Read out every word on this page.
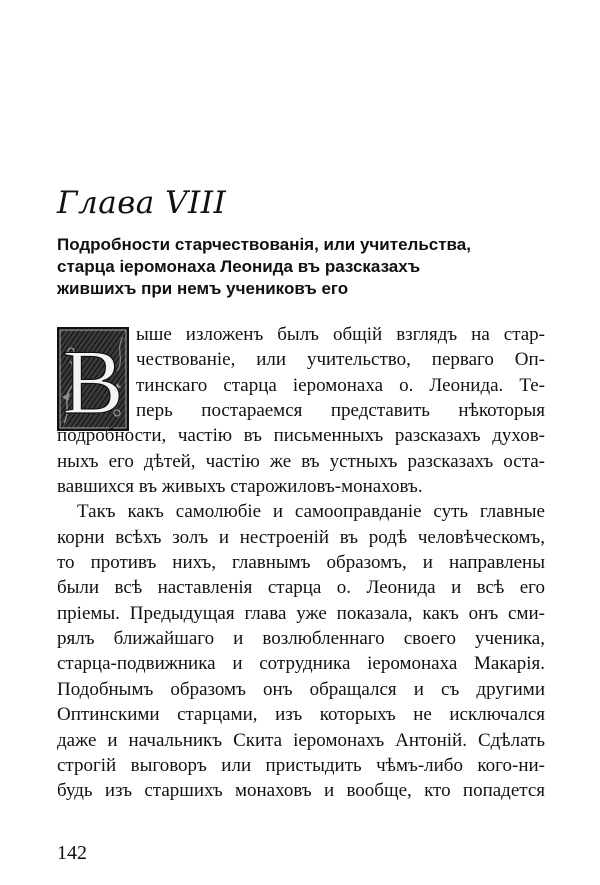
Глава VIII
Подробности старчествованія, или учительства,
старца іеромонаха Леонида въ разсказахъ
жившихъ при немъ учениковъ его
В ыше изложенъ былъ общій взглядъ на стар-
чествованіе, или учительство, перваго Оп-
тинскаго старца іеромонаха о. Леонида. Те-
перь постараемся представить нѣкоторыя
подробности, частію въ письменныхъ разсказахъ духов-
ныхъ его дѣтей, частію же въ устныхъ разсказахъ оста-
вавшихся въ живыхъ старожиловъ-монаховъ.
Такъ какъ самолюбіе и самооправданіе суть главные
корни всѣхъ золъ и нестроеній въ родѣ человѣческомъ,
то противъ нихъ, главнымъ образомъ, и направлены
были всѣ наставленія старца о. Леонида и всѣ его
пріемы. Предыдущая глава уже показала, какъ онъ сми-
рялъ ближайшаго и возлюбленнаго своего ученика,
старца-подвижника и сотрудника іеромонаха Макарія.
Подобнымъ образомъ онъ обращался и съ другими
Оптинскими старцами, изъ которыхъ не исключался
даже и начальникъ Скита іеромонахъ Антоній. Сдѣлать
строгій выговоръ или пристыдить чѣмъ-либо кого-ни-
будь изъ старшихъ монаховъ и вообще, кто попадется
142
